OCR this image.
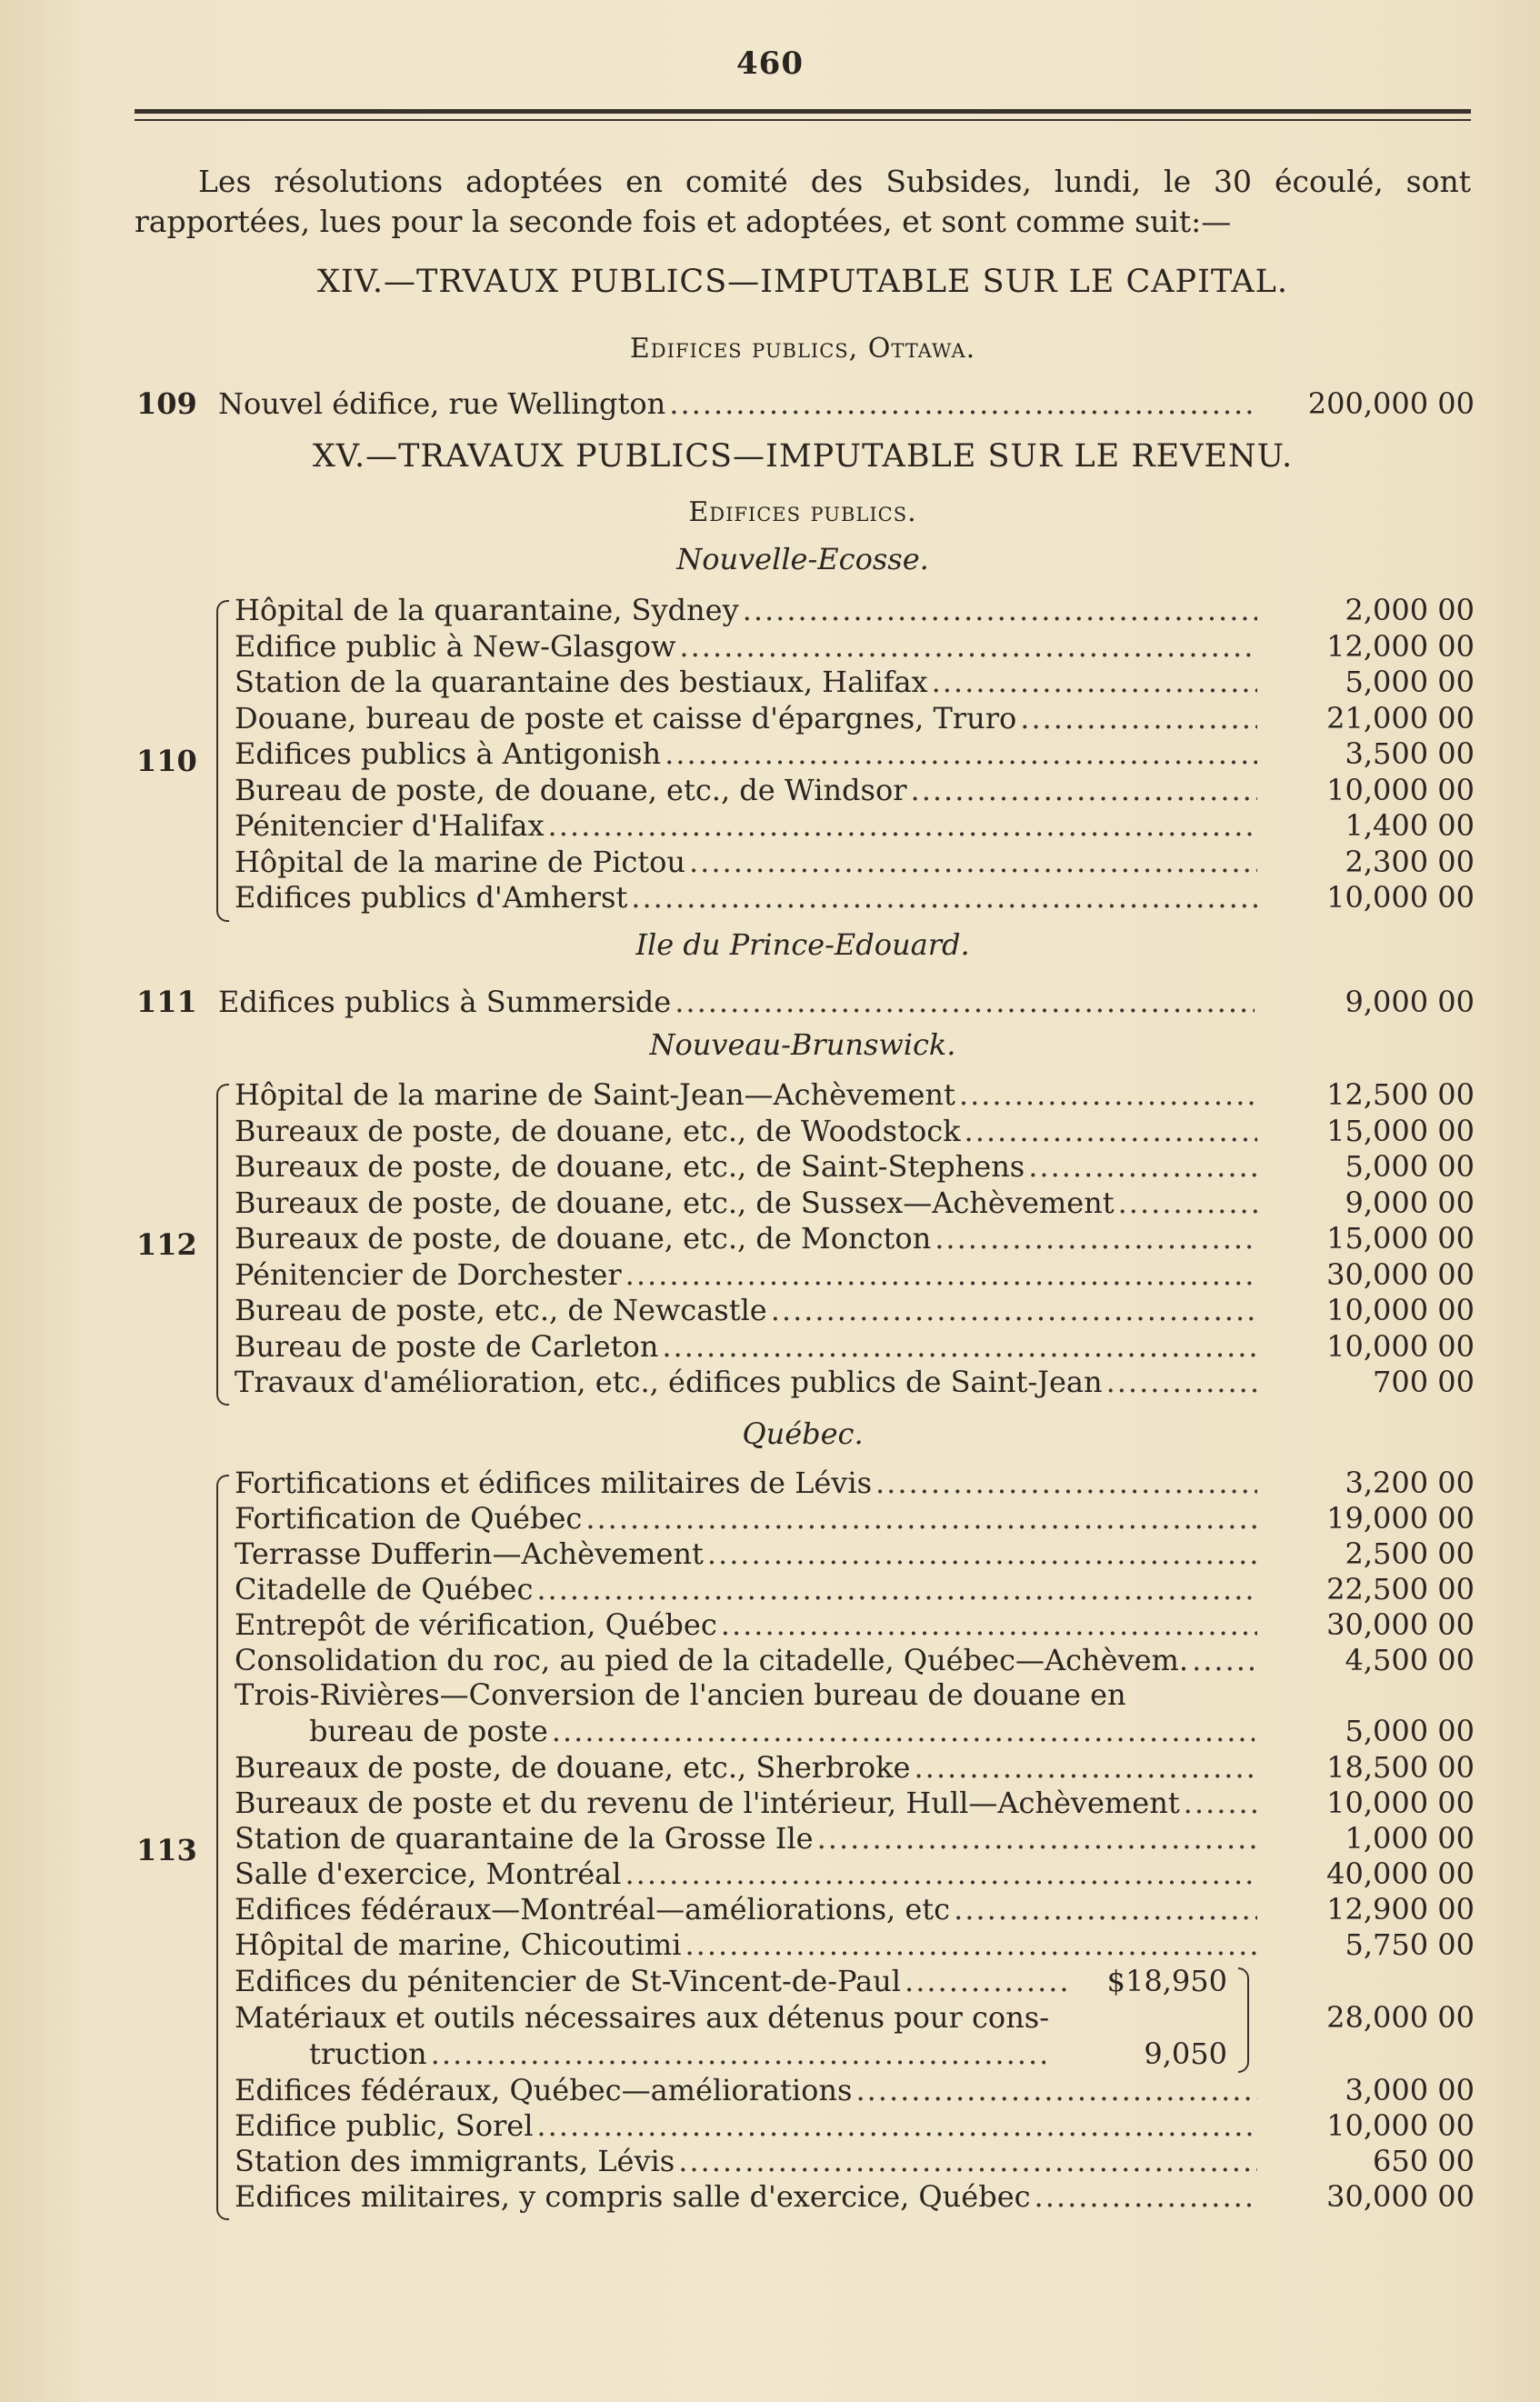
460
Les résolutions adoptées en comité des Subsides, lundi, le 30 écoulé, sont rapportées, lues pour la seconde fois et adoptées, et sont comme suit:—
XIV.—TRVAUX PUBLICS—IMPUTABLE SUR LE CAPITAL.
Edifices publics, Ottawa.
109 Nouvel édifice, rue Wellington .....	200,000 00
XV.—TRAVAUX PUBLICS—IMPUTABLE SUR LE REVENU.
Edifices publics.
Nouvelle-Ecosse.
110
Hôpital de la quarantaine, Sydney .....	2,000 00
Edifice public à New-Glasgow .....	12,000 00
Station de la quarantaine des bestiaux, Halifax .....	5,000 00
Douane, bureau de poste et caisse d'épargnes, Truro .....	21,000 00
Edifices publics à Antigonish .....	3,500 00
Bureau de poste, de douane, etc., de Windsor .....	10,000 00
Pénitencier d'Halifax .....	1,400 00
Hôpital de la marine de Pictou .....	2,300 00
Edifices publics d'Amherst .....	10,000 00
Ile du Prince-Edouard.
111 Edifices publics à Summerside .....	9,000 00
Nouveau-Brunswick.
112
Hôpital de la marine de Saint-Jean—Achèvement .....	12,500 00
Bureaux de poste, de douane, etc., de Woodstock .....	15,000 00
Bureaux de poste, de douane, etc., de Saint-Stephens .....	5,000 00
Bureaux de poste, de douane, etc., de Sussex—Achèvement .....	9,000 00
Bureaux de poste, de douane, etc., de Moncton .....	15,000 00
Pénitencier de Dorchester .....	30,000 00
Bureau de poste, etc., de Newcastle .....	10,000 00
Bureau de poste de Carleton .....	10,000 00
Travaux d'amélioration, etc., édifices publics de Saint-Jean .....	700 00
Québec.
113
Fortifications et édifices militaires de Lévis .....	3,200 00
Fortification de Québec .....	19,000 00
Terrasse Dufferin—Achèvement .....	2,500 00
Citadelle de Québec .....	22,500 00
Entrepôt de vérification, Québec .....	30,000 00
Consolidation du roc, au pied de la citadelle, Québec—Achèvem. .....	4,500 00
Trois-Rivières—Conversion de l'ancien bureau de douane en
bureau de poste .....	5,000 00
Bureaux de poste, de douane, etc., Sherbroke .....	18,500 00
Bureaux de poste et du revenu de l'intérieur, Hull—Achèvement .....	10,000 00
Station de quarantaine de la Grosse Ile .....	1,000 00
Salle d'exercice, Montréal .....	40,000 00
Edifices fédéraux—Montréal—améliorations, etc .....	12,900 00
Hôpital de marine, Chicoutimi .....	5,750 00
Edifices du pénitencier de St-Vincent-de-Paul .....	$18,950
Matériaux et outils nécessaires aux détenus pour cons-
truction .....	9,050
28,000 00
Edifices fédéraux, Québec—améliorations .....	3,000 00
Edifice public, Sorel .....	10,000 00
Station des immigrants, Lévis .....	650 00
Edifices militaires, y compris salle d'exercice, Québec .....	30,000 00
